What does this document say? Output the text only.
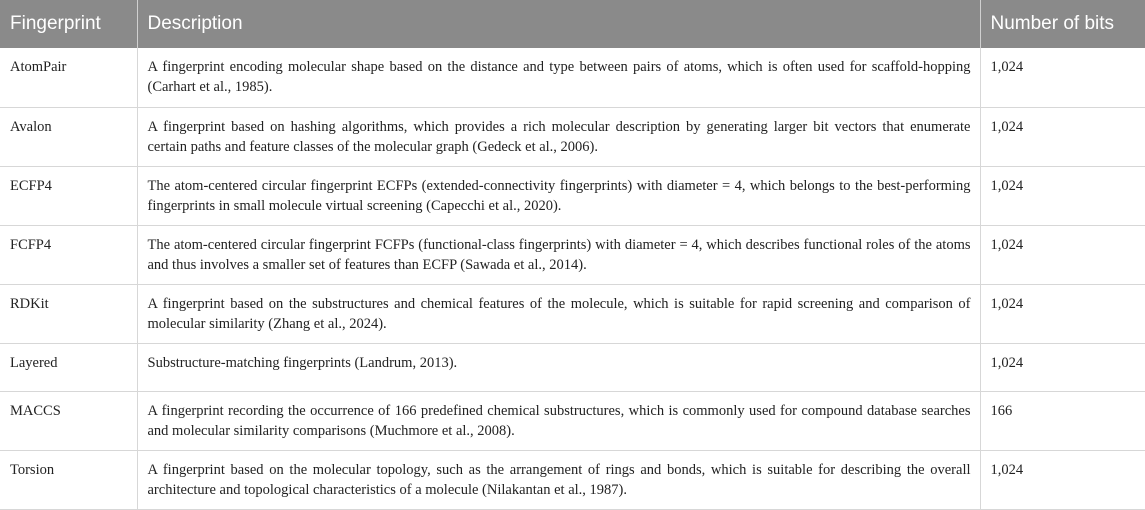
Fingerprint	Description	Number of bits
AtomPair	A fingerprint encoding molecular shape based on the distance and type between pairs of atoms, which is often used for scaffold-hopping (Carhart et al., 1985).	1,024
Avalon	A fingerprint based on hashing algorithms, which provides a rich molecular description by generating larger bit vectors that enumerate certain paths and feature classes of the molecular graph (Gedeck et al., 2006).	1,024
ECFP4	The atom-centered circular fingerprint ECFPs (extended-connectivity fingerprints) with diameter = 4, which belongs to the best-performing fingerprints in small molecule virtual screening (Capecchi et al., 2020).	1,024
FCFP4	The atom-centered circular fingerprint FCFPs (functional-class fingerprints) with diameter = 4, which describes functional roles of the atoms and thus involves a smaller set of features than ECFP (Sawada et al., 2014).	1,024
RDKit	A fingerprint based on the substructures and chemical features of the molecule, which is suitable for rapid screening and comparison of molecular similarity (Zhang et al., 2024).	1,024
Layered	Substructure-matching fingerprints (Landrum, 2013).	1,024
MACCS	A fingerprint recording the occurrence of 166 predefined chemical substructures, which is commonly used for compound database searches and molecular similarity comparisons (Muchmore et al., 2008).	166
Torsion	A fingerprint based on the molecular topology, such as the arrangement of rings and bonds, which is suitable for describing the overall architecture and topological characteristics of a molecule (Nilakantan et al., 1987).	1,024
